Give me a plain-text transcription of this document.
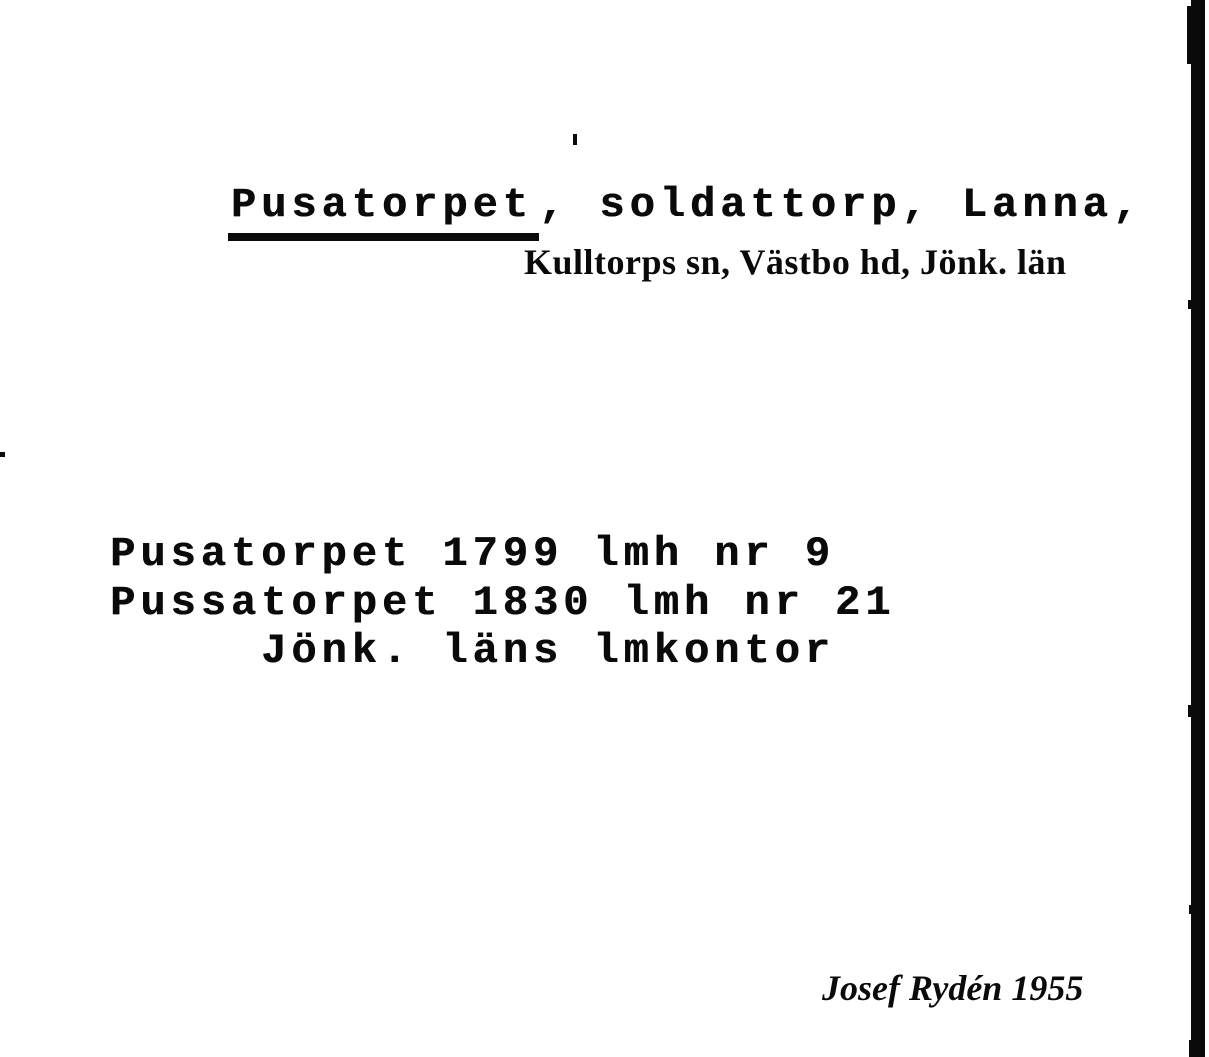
Pusatorpet , soldattorp, Lanna,

Kulltorps sn, Västbo hd, Jönk. län
Pusatorpet 1799 lmh nr 9
Pussatorpet 1830 lmh nr 21
Jönk. läns lmkontor
Josef Rydén 1955
